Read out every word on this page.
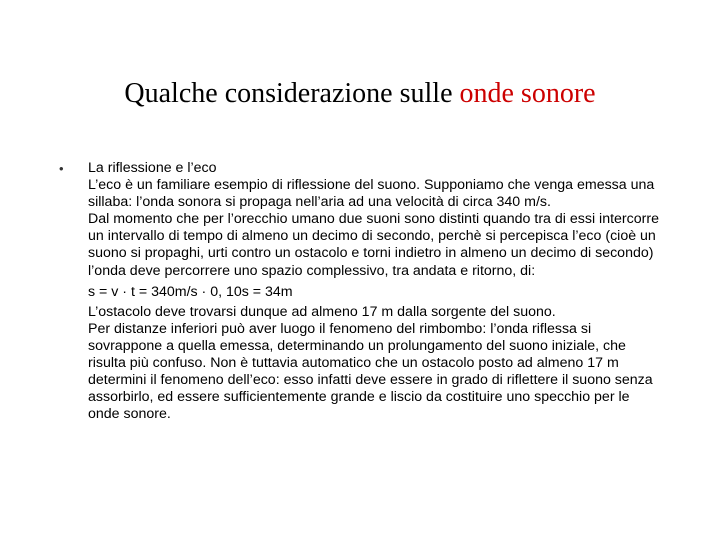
Qualche considerazione sulle onde sonore
• La riflessione e l’eco

L’eco è un familiare esempio di riflessione del suono. Supponiamo che venga emessa una sillaba: l’onda sonora si propaga nell’aria ad una velocità di circa 340 m/s.

Dal momento che per l’orecchio umano due suoni sono distinti quando tra di essi intercorre un intervallo di tempo di almeno un decimo di secondo, perchè si percepisca l’eco (cioè un suono si propaghi, urti contro un ostacolo e torni indietro in almeno un decimo di secondo) l’onda deve percorrere uno spazio complessivo, tra andata e ritorno, di:

s = v · t = 340m/s · 0, 10s = 34m

L’ostacolo deve trovarsi dunque ad almeno 17 m dalla sorgente del suono.

Per distanze inferiori può aver luogo il fenomeno del rimbombo: l’onda riflessa si sovrappone a quella emessa, determinando un prolungamento del suono iniziale, che risulta più confuso. Non è tuttavia automatico che un ostacolo posto ad almeno 17 m determini il fenomeno dell’eco: esso infatti deve essere in grado di riflettere il suono senza assorbirlo, ed essere sufficientemente grande e liscio da costituire uno specchio per le onde sonore.
